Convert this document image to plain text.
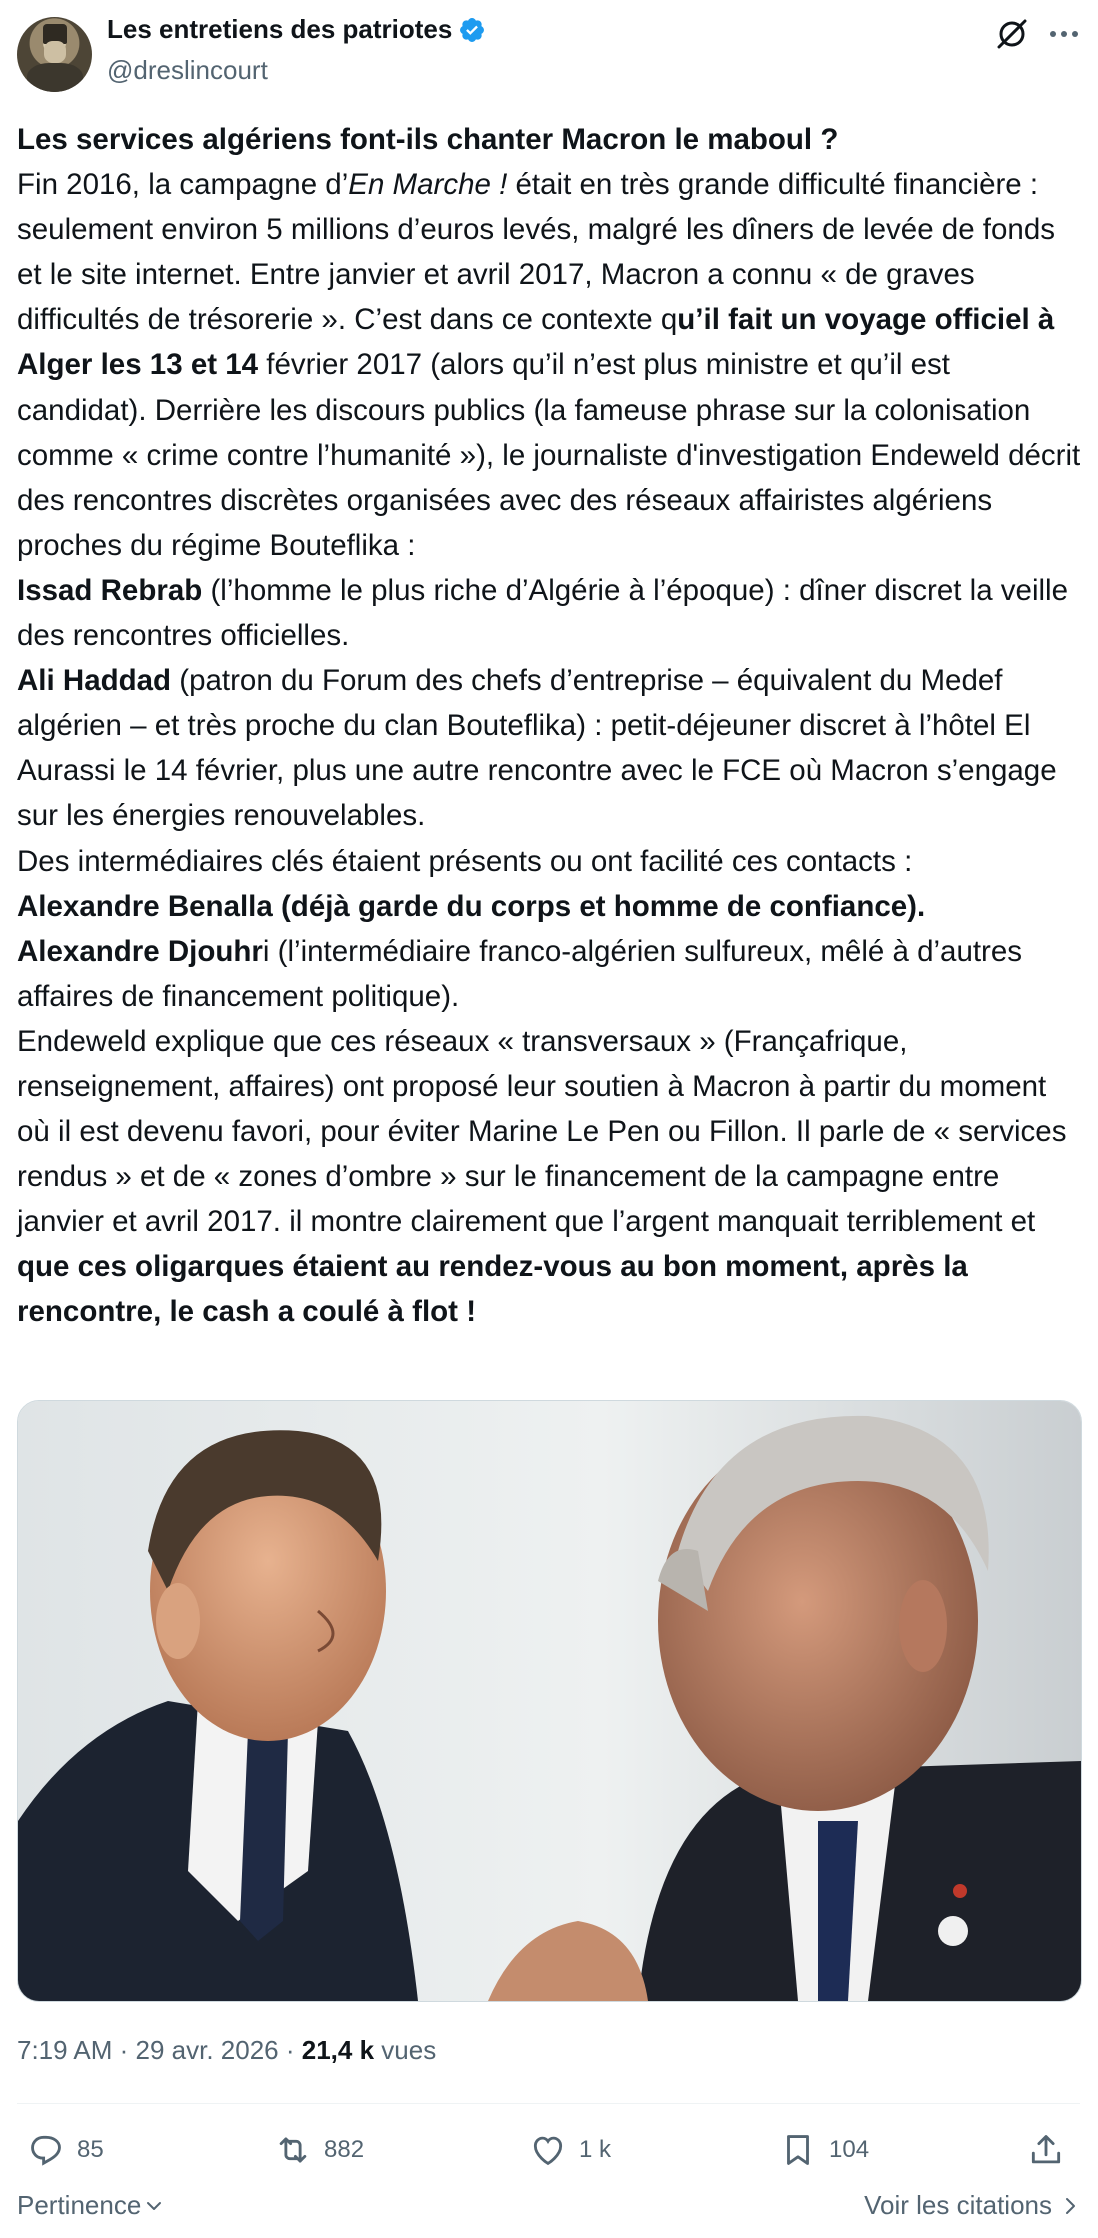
Les entretiens des patriotes
@dreslincourt

Les services algériens font-ils chanter Macron le maboul ?

Fin 2016, la campagne d’En Marche ! était en très grande difficulté financière : seulement environ 5 millions d’euros levés, malgré les dîners de levée de fonds et le site internet. Entre janvier et avril 2017, Macron a connu « de graves difficultés de trésorerie ». C’est dans ce contexte qu’il fait un voyage officiel à Alger les 13 et 14 février 2017 (alors qu’il n’est plus ministre et qu’il est candidat). Derrière les discours publics (la fameuse phrase sur la colonisation comme « crime contre l’humanité »), le journaliste d'investigation Endeweld décrit des rencontres discrètes organisées avec des réseaux affairistes algériens proches du régime Bouteflika :

Issad Rebrab (l’homme le plus riche d’Algérie à l’époque) : dîner discret la veille des rencontres officielles.

Ali Haddad (patron du Forum des chefs d’entreprise – équivalent du Medef algérien – et très proche du clan Bouteflika) : petit-déjeuner discret à l’hôtel El Aurassi le 14 février, plus une autre rencontre avec le FCE où Macron s’engage sur les énergies renouvelables.

Des intermédiaires clés étaient présents ou ont facilité ces contacts :

Alexandre Benalla (déjà garde du corps et homme de confiance).

Alexandre Djouhri (l’intermédiaire franco-algérien sulfureux, mêlé à d’autres affaires de financement politique).

Endeweld explique que ces réseaux « transversaux » (Françafrique, renseignement, affaires) ont proposé leur soutien à Macron à partir du moment où il est devenu favori, pour éviter Marine Le Pen ou Fillon. Il parle de « services rendus » et de « zones d’ombre » sur le financement de la campagne entre janvier et avril 2017. il montre clairement que l’argent manquait terriblement et que ces oligarques étaient au rendez-vous au bon moment, après la rencontre, le cash a coulé à flot !

7:19 AM · 29 avr. 2026 · 21,4 k vues
85	882	1 k	104
Pertinence	Voir les citations
